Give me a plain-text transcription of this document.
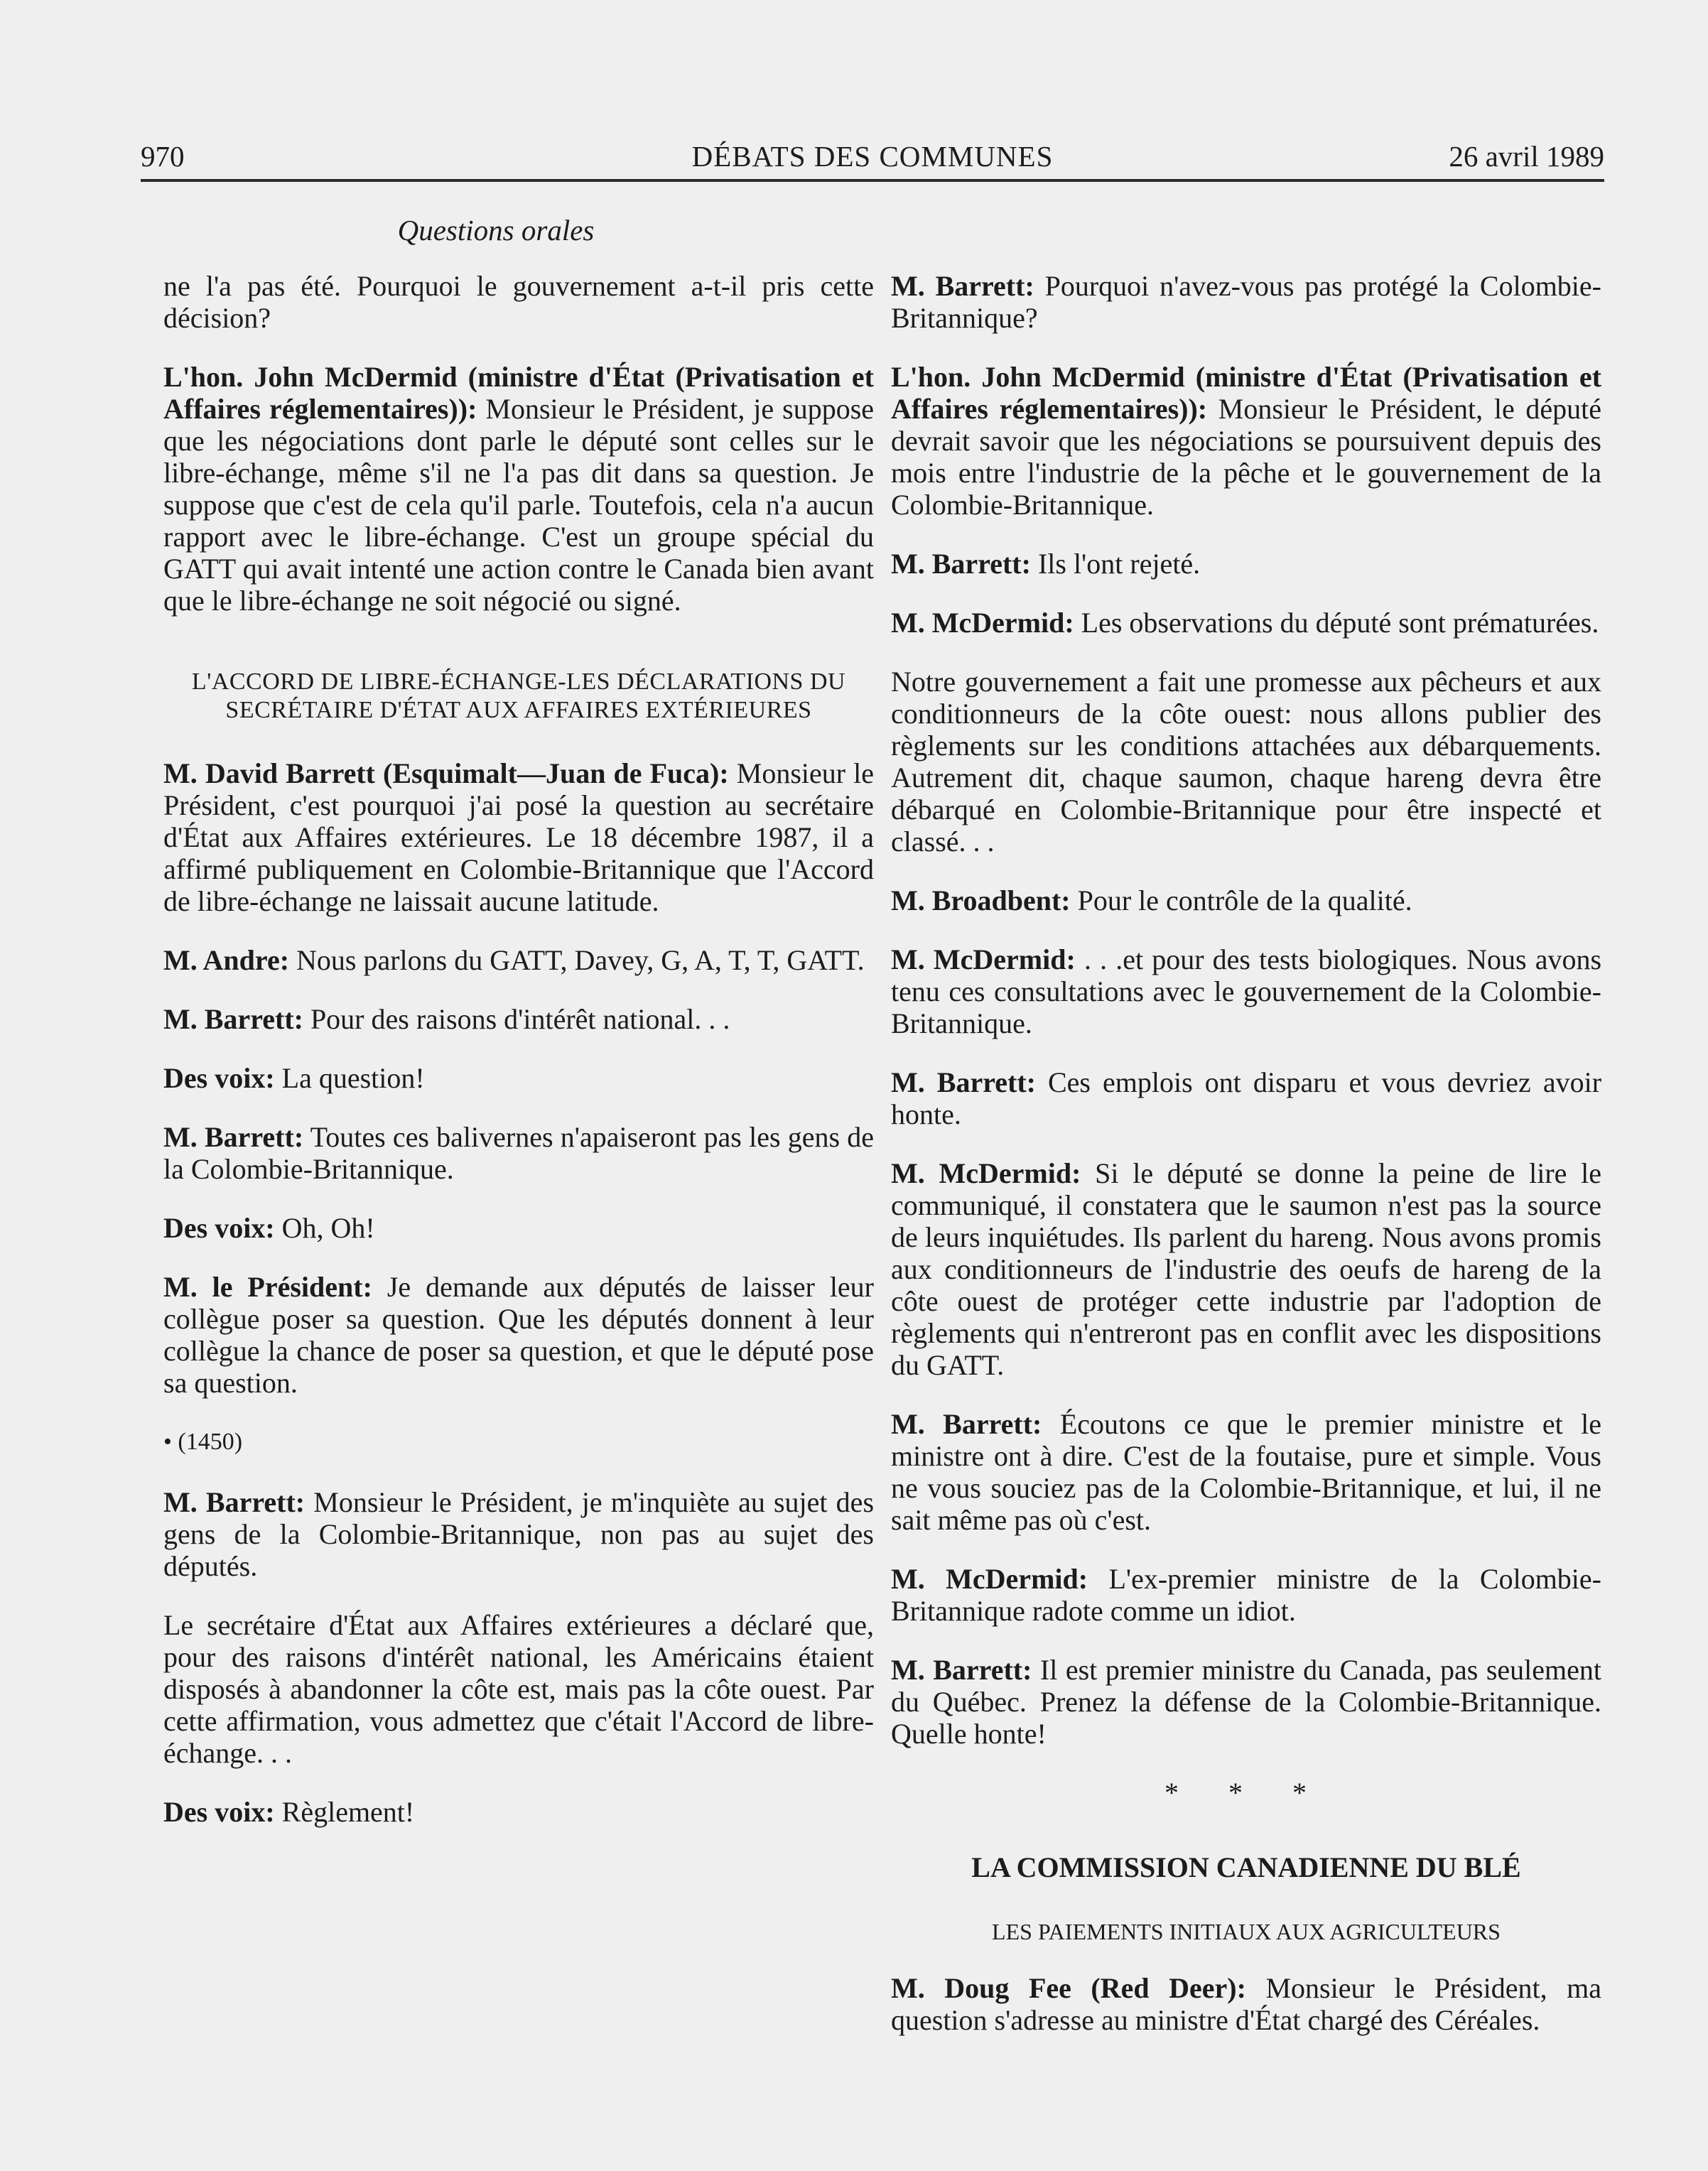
970	DÉBATS DES COMMUNES	26 avril 1989
Questions orales

ne l'a pas été. Pourquoi le gouvernement a-t-il pris cette décision?

L'hon. John McDermid (ministre d'État (Privatisation et Affaires réglementaires)): Monsieur le Président, je suppose que les négociations dont parle le député sont celles sur le libre-échange, même s'il ne l'a pas dit dans sa question. Je suppose que c'est de cela qu'il parle. Toutefois, cela n'a aucun rapport avec le libre-échange. C'est un groupe spécial du GATT qui avait intenté une action contre le Canada bien avant que le libre-échange ne soit négocié ou signé.

L'ACCORD DE LIBRE-ÉCHANGE-LES DÉCLARATIONS DU
SECRÉTAIRE D'ÉTAT AUX AFFAIRES EXTÉRIEURES

M. David Barrett (Esquimalt—Juan de Fuca): Monsieur le Président, c'est pourquoi j'ai posé la question au secrétaire d'État aux Affaires extérieures. Le 18 décembre 1987, il a affirmé publiquement en Colombie-Britannique que l'Accord de libre-échange ne laissait aucune latitude.

M. Andre: Nous parlons du GATT, Davey, G, A, T, T, GATT.

M. Barrett: Pour des raisons d'intérêt national. . .

Des voix: La question!

M. Barrett: Toutes ces balivernes n'apaiseront pas les gens de la Colombie-Britannique.

Des voix: Oh, Oh!

M. le Président: Je demande aux députés de laisser leur collègue poser sa question. Que les députés donnent à leur collègue la chance de poser sa question, et que le député pose sa question.

• (1450)

M. Barrett: Monsieur le Président, je m'inquiète au sujet des gens de la Colombie-Britannique, non pas au sujet des députés.

Le secrétaire d'État aux Affaires extérieures a déclaré que, pour des raisons d'intérêt national, les Américains étaient disposés à abandonner la côte est, mais pas la côte ouest. Par cette affirmation, vous admettez que c'était l'Accord de libre-échange. . .

Des voix: Règlement!

M. Barrett: Pourquoi n'avez-vous pas protégé la Colombie-Britannique?

L'hon. John McDermid (ministre d'État (Privatisation et Affaires réglementaires)): Monsieur le Président, le député devrait savoir que les négociations se poursuivent depuis des mois entre l'industrie de la pêche et le gouvernement de la Colombie-Britannique.

M. Barrett: Ils l'ont rejeté.

M. McDermid: Les observations du député sont prématurées.

Notre gouvernement a fait une promesse aux pêcheurs et aux conditionneurs de la côte ouest: nous allons publier des règlements sur les conditions attachées aux débarquements. Autrement dit, chaque saumon, chaque hareng devra être débarqué en Colombie-Britannique pour être inspecté et classé. . .

M. Broadbent: Pour le contrôle de la qualité.

M. McDermid: . . .et pour des tests biologiques. Nous avons tenu ces consultations avec le gouvernement de la Colombie-Britannique.

M. Barrett: Ces emplois ont disparu et vous devriez avoir honte.

M. McDermid: Si le député se donne la peine de lire le communiqué, il constatera que le saumon n'est pas la source de leurs inquiétudes. Ils parlent du hareng. Nous avons promis aux conditionneurs de l'industrie des oeufs de hareng de la côte ouest de protéger cette industrie par l'adoption de règlements qui n'entreront pas en conflit avec les dispositions du GATT.

M. Barrett: Écoutons ce que le premier ministre et le ministre ont à dire. C'est de la foutaise, pure et simple. Vous ne vous souciez pas de la Colombie-Britannique, et lui, il ne sait même pas où c'est.

M. McDermid: L'ex-premier ministre de la Colombie-Britannique radote comme un idiot.

M. Barrett: Il est premier ministre du Canada, pas seulement du Québec. Prenez la défense de la Colombie-Britannique. Quelle honte!

* * *
LA COMMISSION CANADIENNE DU BLÉ
LES PAIEMENTS INITIAUX AUX AGRICULTEURS

M. Doug Fee (Red Deer): Monsieur le Président, ma question s'adresse au ministre d'État chargé des Céréales.
